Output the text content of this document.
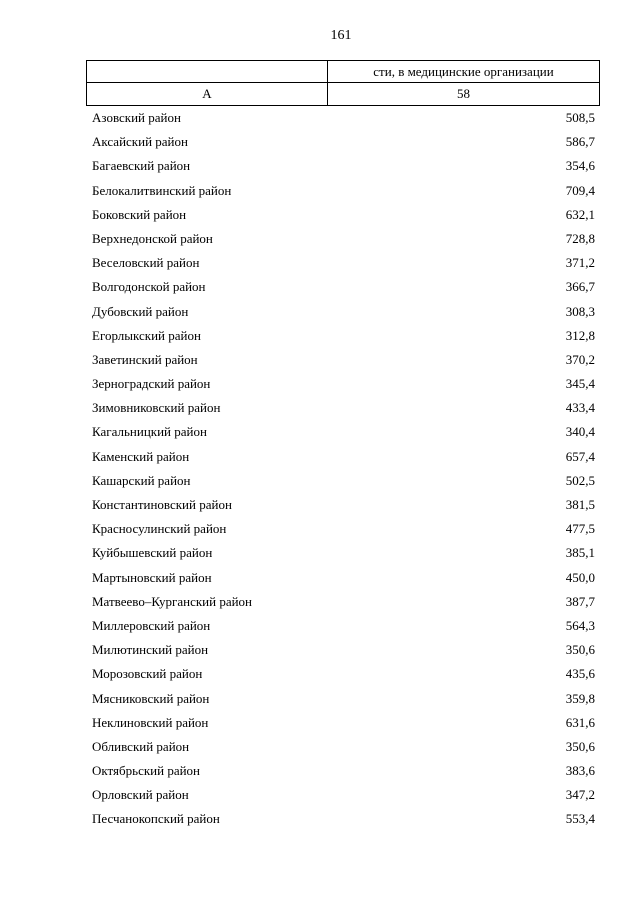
161
	сти, в медицинские организации
А	58
Азовский район	508,5
Аксайский район	586,7
Багаевский район	354,6
Белокалитвинский район	709,4
Боковский район	632,1
Верхнедонской район	728,8
Веселовский район	371,2
Волгодонской район	366,7
Дубовский район	308,3
Егорлыкский район	312,8
Заветинский район	370,2
Зерноградский район	345,4
Зимовниковский район	433,4
Кагальницкий район	340,4
Каменский район	657,4
Кашарский район	502,5
Константиновский район	381,5
Красносулинский район	477,5
Куйбышевский район	385,1
Мартыновский район	450,0
Матвеево–Курганский район	387,7
Миллеровский район	564,3
Милютинский район	350,6
Морозовский район	435,6
Мясниковский район	359,8
Неклиновский район	631,6
Обливский район	350,6
Октябрьский район	383,6
Орловский район	347,2
Песчанокопский район	553,4
